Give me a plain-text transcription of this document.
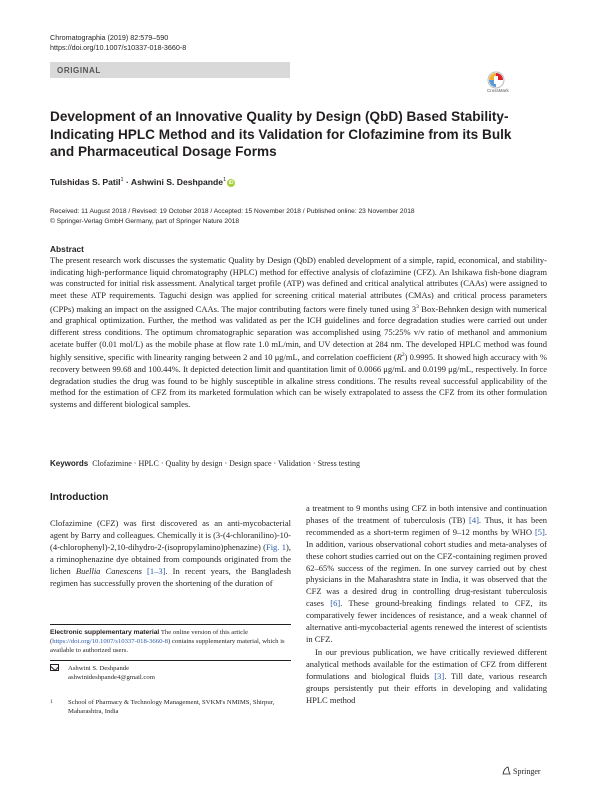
Chromatographia (2019) 82:579–590
https://doi.org/10.1007/s10337-018-3660-8
ORIGINAL
CrossMark
Development of an Innovative Quality by Design (QbD) Based Stability-Indicating HPLC Method and its Validation for Clofazimine from its Bulk and Pharmaceutical Dosage Forms
Tulshidas S. Patil$^1$ · Ashwini S. Deshpande$^1$ iD
Received: 11 August 2018 / Revised: 19 October 2018 / Accepted: 15 November 2018 / Published online: 23 November 2018
© Springer-Verlag GmbH Germany, part of Springer Nature 2018
Abstract
The present research work discusses the systematic Quality by Design (QbD) enabled development of a simple, rapid, economical, and stability-indicating high-performance liquid chromatography (HPLC) method for effective analysis of clofazimine (CFZ). An Ishikawa fish-bone diagram was constructed for initial risk assessment. Analytical target profile (ATP) was defined and critical analytical attributes (CAAs) were assigned to meet these ATP requirements. Taguchi design was applied for screening critical material attributes (CMAs) and critical process parameters (CPPs) making an impact on the assigned CAAs. The major contributing factors were finely tuned using $3^3$ Box-Behnken design with numerical and graphical optimization. Further, the method was validated as per the ICH guidelines and force degradation studies were carried out under different stress conditions. The optimum chromatographic separation was accomplished using 75:25% v/v ratio of methanol and ammonium acetate buffer (0.01 mol/L) as the mobile phase at flow rate 1.0 mL/min, and UV detection at 284 nm. The developed HPLC method was found highly sensitive, specific with linearity ranging between 2 and 10 μg/mL, and correlation coefficient $(R^2)$ 0.9995. It showed high accuracy with % recovery between 99.68 and 100.44%. It depicted detection limit and quantitation limit of 0.0066 μg/mL and 0.0199 μg/mL, respectively. In force degradation studies the drug was found to be highly susceptible in alkaline stress conditions. The results reveal successful applicability of the method for the estimation of CFZ from its marketed formulation which can be wisely extrapolated to assess the CFZ from its other formulation systems and different biological samples.
Keywords Clofazimine · HPLC · Quality by design · Design space · Validation · Stress testing
Introduction
Clofazimine (CFZ) was first discovered as an anti-mycobacterial agent by Barry and colleagues. Chemically it is (3-(4-chloranilino)-10-(4-chlorophenyl)-2,10-dihydro-2-(isopropylamino)phenazine) (Fig. 1), a riminophenazine dye obtained from compounds originated from the lichen Buellia Canescens [1–3]. In recent years, the Bangladesh regimen has successfully proven the shortening of the duration of

a treatment to 9 months using CFZ in both intensive and continuation phases of the treatment of tuberculosis (TB) [4]. Thus, it has been recommended as a short-term regimen of 9–12 months by WHO [5]. In addition, various observational cohort studies and meta-analyses of these cohort studies carried out on the CFZ-containing regimen proved 62–65% success of the regimen. In one survey carried out by chest physicians in the Maharashtra state in India, it was observed that the CFZ was a desired drug in controlling drug-resistant tuberculosis cases [6]. These ground-breaking findings related to CFZ, its comparatively fewer incidences of resistance, and a weak channel of alternative anti-mycobacterial agents renewed the interest of scientists in CFZ.

In our previous publication, we have critically reviewed different analytical methods available for the estimation of CFZ from different formulations and biological fluids [3]. Till date, various research groups persistently put their efforts in developing and validating HPLC method

Electronic supplementary material The online version of this article (https://doi.org/10.1007/s10337-018-3660-8) contains supplementary material, which is available to authorized users.
Ashwini S. Deshpande
ashwinideshpande4@gmail.com
1 School of Pharmacy & Technology Management, SVKM's NMIMS, Shirpur, Maharashtra, India
Springer
